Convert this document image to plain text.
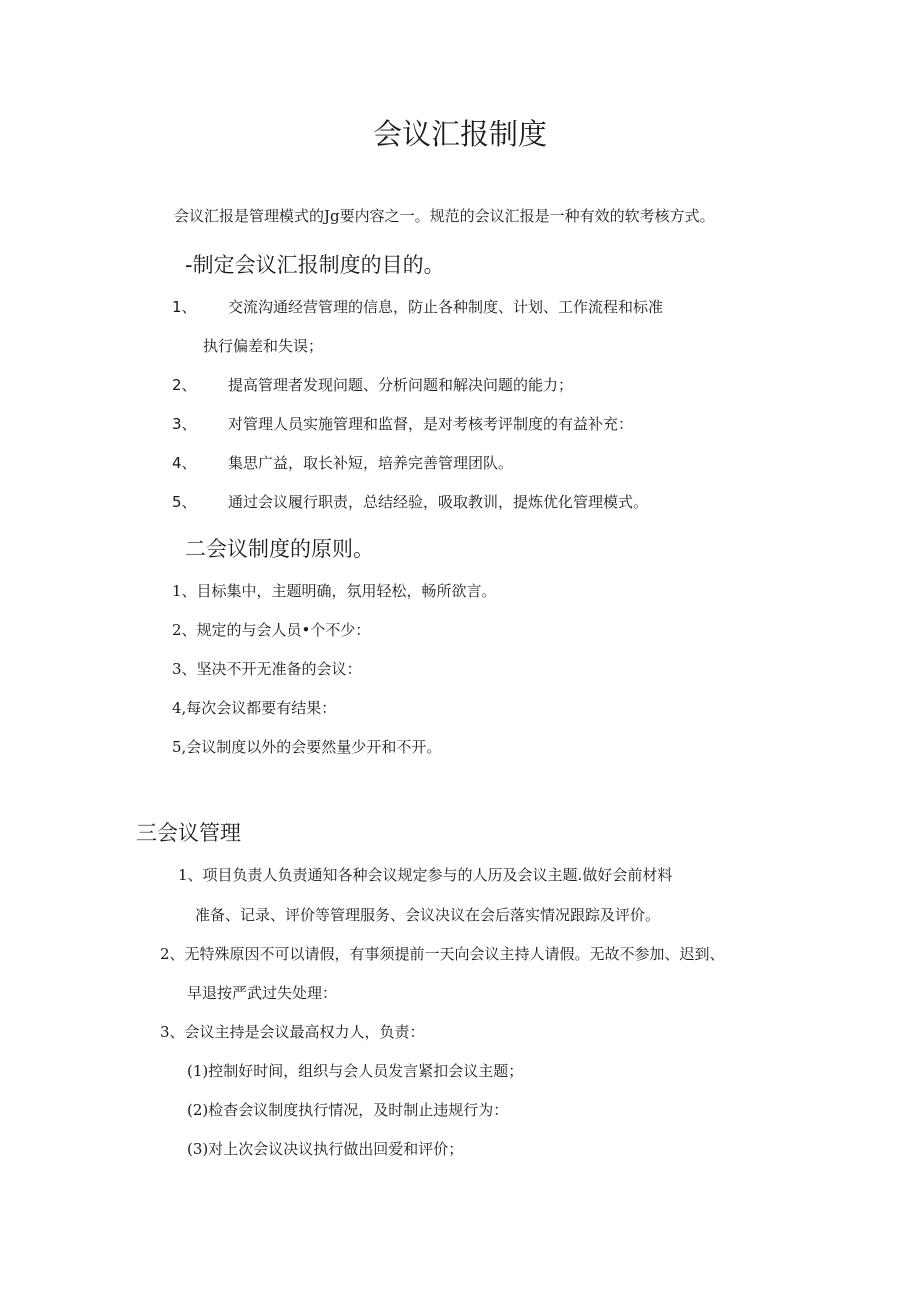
会议汇报制度
会议汇报是管理模式的Jg要内容之一。规范的会议汇报是一种有效的软考核方式。
-制定会议汇报制度的目的。
1、 交流沟通经营管理的信息，防止各种制度、计划、工作流程和标准
执行偏差和失误；
2、 提高管理者发现问题、分析问题和解决问题的能力；
3、 对管理人员实施管理和监督，是对考核考评制度的有益补充：
4、 集思广益，取长补短，培养完善管理团队。
5、 通过会议履行职责，总结经验，吸取教训，提炼优化管理模式。
二会议制度的原则。
1、目标集中，主题明确，氛用轻松，畅所欲言。
2、规定的与会人员•个不少：
3、坚决不开无准备的会议：
4,每次会议都要有结果：
5,会议制度以外的会要然量少开和不开。
三会议管理
1、项目负责人负责通知各种会议规定参与的人历及会议主题.做好会前材料
准备、记录、评价等管理服务、会议决议在会后落实情况跟踪及评价。
2、无特殊原因不可以请假，有事须提前一天向会议主持人请假。无故不参加、迟到、
早退按严武过失处理：
3、会议主持是会议最高权力人，负责：
(1)控制好时间，组织与会人员发言紧扣会议主题；
(2)检杳会议制度执行情况，及时制止违规行为：
(3)对上次会议决议执行做出回爱和评价；
